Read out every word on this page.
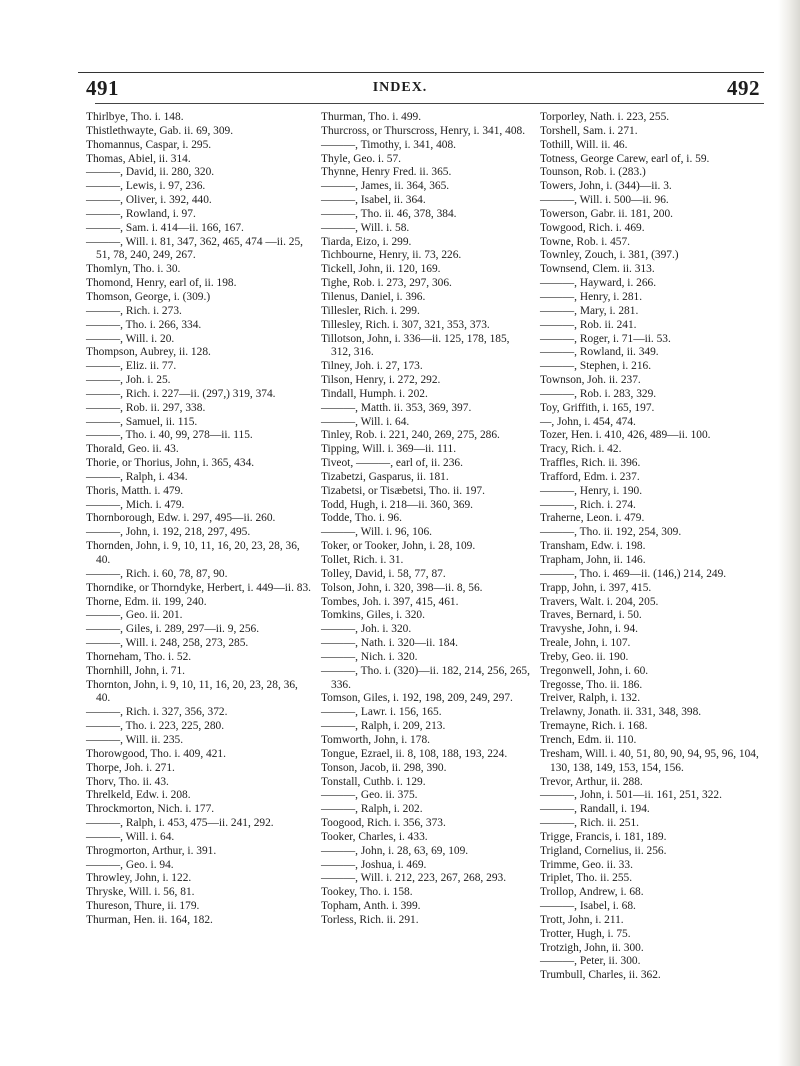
491	INDEX.	492
Thirlbye, Tho. i. 148.
Thistlethwayte, Gab. ii. 69, 309.
Thomannus, Caspar, i. 295.
Thomas, Abiel, ii. 314.
———, David, ii. 280, 320.
———, Lewis, i. 97, 236.
———, Oliver, i. 392, 440.
———, Rowland, i. 97.
———, Sam. i. 414—ii. 166, 167.
———, Will. i. 81, 347, 362, 465, 474 —ii. 25, 51, 78, 240, 249, 267.
Thomlyn, Tho. i. 30.
Thomond, Henry, earl of, ii. 198.
Thomson, George, i. (309.)
———, Rich. i. 273.
———, Tho. i. 266, 334.
———, Will. i. 20.
Thompson, Aubrey, ii. 128.
———, Eliz. ii. 77.
———, Joh. i. 25.
———, Rich. i. 227—ii. (297,) 319, 374.
———, Rob. ii. 297, 338.
———, Samuel, ii. 115.
———, Tho. i. 40, 99, 278—ii. 115.
Thorald, Geo. ii. 43.
Thorie, or Thorius, John, i. 365, 434.
———, Ralph, i. 434.
Thoris, Matth. i. 479.
———, Mich. i. 479.
Thornborough, Edw. i. 297, 495—ii. 260.
———, John, i. 192, 218, 297, 495.
Thornden, John, i. 9, 10, 11, 16, 20, 23, 28, 36, 40.
———, Rich. i. 60, 78, 87, 90.
Thorndike, or Thorndyke, Herbert, i. 449—ii. 83.
Thorne, Edm. ii. 199, 240.
———, Geo. ii. 201.
———, Giles, i. 289, 297—ii. 9, 256.
———, Will. i. 248, 258, 273, 285.
Thorneham, Tho. i. 52.
Thornhill, John, i. 71.
Thornton, John, i. 9, 10, 11, 16, 20, 23, 28, 36, 40.
———, Rich. i. 327, 356, 372.
———, Tho. i. 223, 225, 280.
———, Will. ii. 235.
Thorowgood, Tho. i. 409, 421.
Thorpe, Joh. i. 271.
Thorv, Tho. ii. 43.
Threlkeld, Edw. i. 208.
Throckmorton, Nich. i. 177.
———, Ralph, i. 453, 475—ii. 241, 292.
———, Will. i. 64.
Throgmorton, Arthur, i. 391.
———, Geo. i. 94.
Throwley, John, i. 122.
Thryske, Will. i. 56, 81.
Thureson, Thure, ii. 179.
Thurman, Hen. ii. 164, 182.
Thurman, Tho. i. 499.
Thurcross, or Thurscross, Henry, i. 341, 408.
———, Timothy, i. 341, 408.
Thyle, Geo. i. 57.
Thynne, Henry Fred. ii. 365.
———, James, ii. 364, 365.
———, Isabel, ii. 364.
———, Tho. ii. 46, 378, 384.
———, Will. i. 58.
Tiarda, Eizo, i. 299.
Tichbourne, Henry, ii. 73, 226.
Tickell, John, ii. 120, 169.
Tighe, Rob. i. 273, 297, 306.
Tilenus, Daniel, i. 396.
Tillesler, Rich. i. 299.
Tillesley, Rich. i. 307, 321, 353, 373.
Tillotson, John, i. 336—ii. 125, 178, 185, 312, 316.
Tilney, Joh. i. 27, 173.
Tilson, Henry, i. 272, 292.
Tindall, Humph. i. 202.
———, Matth. ii. 353, 369, 397.
———, Will. i. 64.
Tinley, Rob. i. 221, 240, 269, 275, 286.
Tipping, Will. i. 369—ii. 111.
Tiveot, ———, earl of, ii. 236.
Tizabetzi, Gasparus, ii. 181.
Tizabetsi, or Tisæbetsi, Tho. ii. 197.
Todd, Hugh, i. 218—ii. 360, 369.
Todde, Tho. i. 96.
———, Will. i. 96, 106.
Toker, or Tooker, John, i. 28, 109.
Tollet, Rich. i. 31.
Tolley, David, i. 58, 77, 87.
Tolson, John, i. 320, 398—ii. 8, 56.
Tombes, Joh. i. 397, 415, 461.
Tomkins, Giles, i. 320.
———, Joh. i. 320.
———, Nath. i. 320—ii. 184.
———, Nich. i. 320.
———, Tho. i. (320)—ii. 182, 214, 256, 265, 336.
Tomson, Giles, i. 192, 198, 209, 249, 297.
———, Lawr. i. 156, 165.
———, Ralph, i. 209, 213.
Tomworth, John, i. 178.
Tongue, Ezrael, ii. 8, 108, 188, 193, 224.
Tonson, Jacob, ii. 298, 390.
Tonstall, Cuthb. i. 129.
———, Geo. ii. 375.
———, Ralph, i. 202.
Toogood, Rich. i. 356, 373.
Tooker, Charles, i. 433.
———, John, i. 28, 63, 69, 109.
———, Joshua, i. 469.
———, Will. i. 212, 223, 267, 268, 293.
Tookey, Tho. i. 158.
Topham, Anth. i. 399.
Torless, Rich. ii. 291.
Torporley, Nath. i. 223, 255.
Torshell, Sam. i. 271.
Tothill, Will. ii. 46.
Totness, George Carew, earl of, i. 59.
Tounson, Rob. i. (283.)
Towers, John, i. (344)—ii. 3.
———, Will. i. 500—ii. 96.
Towerson, Gabr. ii. 181, 200.
Towgood, Rich. i. 469.
Towne, Rob. i. 457.
Townley, Zouch, i. 381, (397.)
Townsend, Clem. ii. 313.
———, Hayward, i. 266.
———, Henry, i. 281.
———, Mary, i. 281.
———, Rob. ii. 241.
———, Roger, i. 71—ii. 53.
———, Rowland, ii. 349.
———, Stephen, i. 216.
Townson, Joh. ii. 237.
———, Rob. i. 283, 329.
Toy, Griffith, i. 165, 197.
—, John, i. 454, 474.
Tozer, Hen. i. 410, 426, 489—ii. 100.
Tracy, Rich. i. 42.
Traffles, Rich. ii. 396.
Trafford, Edm. i. 237.
———, Henry, i. 190.
———, Rich. i. 274.
Traherne, Leon. i. 479.
———, Tho. ii. 192, 254, 309.
Transham, Edw. i. 198.
Trapham, John, ii. 146.
———, Tho. i. 469—ii. (146,) 214, 249.
Trapp, John, i. 397, 415.
Travers, Walt. i. 204, 205.
Traves, Bernard, i. 50.
Travyshe, John, i. 94.
Treale, John, i. 107.
Treby, Geo. ii. 190.
Tregonwell, John, i. 60.
Tregosse, Tho. ii. 186.
Treiver, Ralph, i. 132.
Trelawny, Jonath. ii. 331, 348, 398.
Tremayne, Rich. i. 168.
Trench, Edm. ii. 110.
Tresham, Will. i. 40, 51, 80, 90, 94, 95, 96, 104, 130, 138, 149, 153, 154, 156.
Trevor, Arthur, ii. 288.
———, John, i. 501—ii. 161, 251, 322.
———, Randall, i. 194.
———, Rich. ii. 251.
Trigge, Francis, i. 181, 189.
Trigland, Cornelius, ii. 256.
Trimme, Geo. ii. 33.
Triplet, Tho. ii. 255.
Trollop, Andrew, i. 68.
———, Isabel, i. 68.
Trott, John, i. 211.
Trotter, Hugh, i. 75.
Trotzigh, John, ii. 300.
———, Peter, ii. 300.
Trumbull, Charles, ii. 362.
